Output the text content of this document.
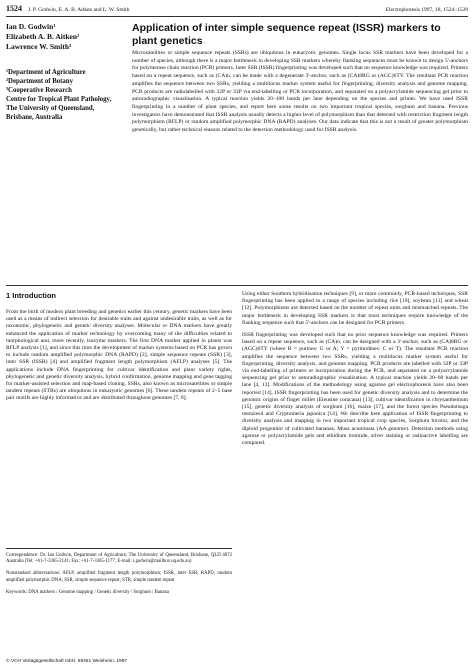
1524 J. P. Godwin, E. A. B. Aitken and L. W. Smith	Electrophoresis 1997, 18, 1524–1528
Ian D. Godwin¹
Elizabeth A. B. Aitken²
Lawrence W. Smith³
¹Department of Agriculture
²Department of Botany
³Cooperative Research
Centre for Tropical Plant Pathology,
The University of Queensland,
Brisbane, Australia
Application of inter simple sequence repeat (ISSR) markers to plant genetics
Microsatellites or simple sequence repeats (SSRs) are ubiquitous in eukaryotic genomes. Single locus SSR markers have been developed for a number of species, although there is a major bottleneck in developing SSR markers whereby flanking sequences must be known to design 5'-anchors for polymerase chain reaction (PCR) primers. Inter SSR (ISSR) fingerprinting was developed such that no sequence knowledge was required. Primers based on a repeat sequence, such as (CA)n, can be made with a degenerate 3'-anchor, such as (CA)8RG or (AGC)6TY. The resultant PCR reaction amplifies the sequence between two SSRs, yielding a multilocus marker system useful for fingerprinting, diversity analysis and genome mapping. PCR products are radiolabelled with 32P or 33P via end-labelling or PCR incorporation, and separated on a polyacrylamide sequencing gel prior to autoradiographic visualisation. A typical reaction yields 20–100 bands per lane depending on the species and primer. We have used ISSR fingerprinting in a number of plant species, and report here some results on two important tropical species, sorghum and banana. Previous investigators have demonstrated that ISSR analysis usually detects a higher level of polymorphism than that detected with restriction fragment length polymorphism (RFLP) or random amplified polymorphic DNA (RAPD) analyses. Our data indicate that this is not a result of greater polymorphism genetically, but rather technical reasons related to the detection methodology used for ISSR analysis.
1 Introduction

From the birth of modern plant breeding and genetics earlier this century, genetic markers have been used as a means of indirect selection for desirable traits and against undesirable traits, as well as for taxonomic, phylogenetic and genetic diversity analyses. Molecular or DNA markers have greatly enhanced the application of marker technology by overcoming many of the difficulties related to morphological and, more recently, isozyme markers. The first DNA marker applied in plants was RFLP analysis [1], and since this time the development of marker systems based on PCR has grown to include random amplified polymorphic DNA (RAPD) [2], simple sequence repeats (SSR) [3], inter SSR (ISSR) [4] and amplified fragment length polymorphism (AFLP) analyses [5]. The applications include DNA fingerprinting for cultivar identification and plant variety rights, phylogenetic and genetic diversity analysis, hybrid confirmation, genome mapping and gene tagging for marker-assisted selection and map-based cloning. SSRs, also known as microsatellites or simple tandem repeats (STRs) are ubiquitous in eukaryotic genomes [6]. These tandem repeats of 2–5 base pair motifs are highly informative and are distributed throughout genomes [7, 8].

Using either Southern hybridisation techniques [9], or more commonly, PCR-based techniques, SSR fingerprinting has been applied to a range of species including rice [10], soybean [11] and wheat [12]. Polymorphisms are detected based on the number of repeat units and mismatched repeats. The major bottleneck in developing SSR markers is that most techniques require knowledge of the flanking sequence such that 5'-anchors can be designed for PCR primers.

ISSR fingerprinting was developed such that no prior sequence knowledge was required. Primers based on a repeat sequence, such as (CA)n, can be designed with a 3'-anchor, such as (CA)8RG or (AGC)6TY (where R = purines: G or A; Y = pyrimidines: C or T). The resultant PCR reaction amplifies the sequence between two SSRs, yielding a multilocus marker system useful for fingerprinting, diversity analysis, and genome mapping. PCR products are labelled with 32P or 33P via end-labelling of primers or incorporation during the PCR, and separated on a polyacrylamide sequencing gel prior to autoradiographic visualisation. A typical reaction yields 20–60 bands per lane [4, 13]. Modifications of the methodology using agarose gel electrophoresis have also been reported [14]. ISSR fingerprinting has been used for genetic diversity analysis and to determine the genomic origins of finger millet (Eleusine coracana) [13], cultivar identification in chrysanthemum [15], genetic diversity analysis of sorghum [16], maize [17], and the forest species Pseudotsuga menziesii and Cryptomeria japonica [14]. We describe here application of ISSR fingerprinting to diversity analysis and mapping in two important tropical crop species, Sorghum bicolor, and the diploid progenitor of cultivated bananas, Musa acuminata (AA genome). Detection methods using agarose or polyacrylamide gels and ethidium bromide, silver staining or radioactive labelling are compared.

Correspondence: Dr. Ian Godwin, Department of Agriculture, The University of Queensland, Brisbane, QLD 4072 Australia (Tel: +61-7-3365-2141; Fax: +61-7-3365-1177; E-mail: i.godwin@mailbox.uq.edu.au)

Nonstandard abbreviations: AFLP, amplified fragment length polymorphism; ISSR, inter SSR; RAPD, random amplified polymorphic DNA; SSR, simple sequence repeat; STR, simple tandem repeat

Keywords: DNA markers / Genome mapping / Genetic diversity / Sorghum / Banana

© VCH Verlagsgesellschaft mbH, 69451 Weinheim, 1997
